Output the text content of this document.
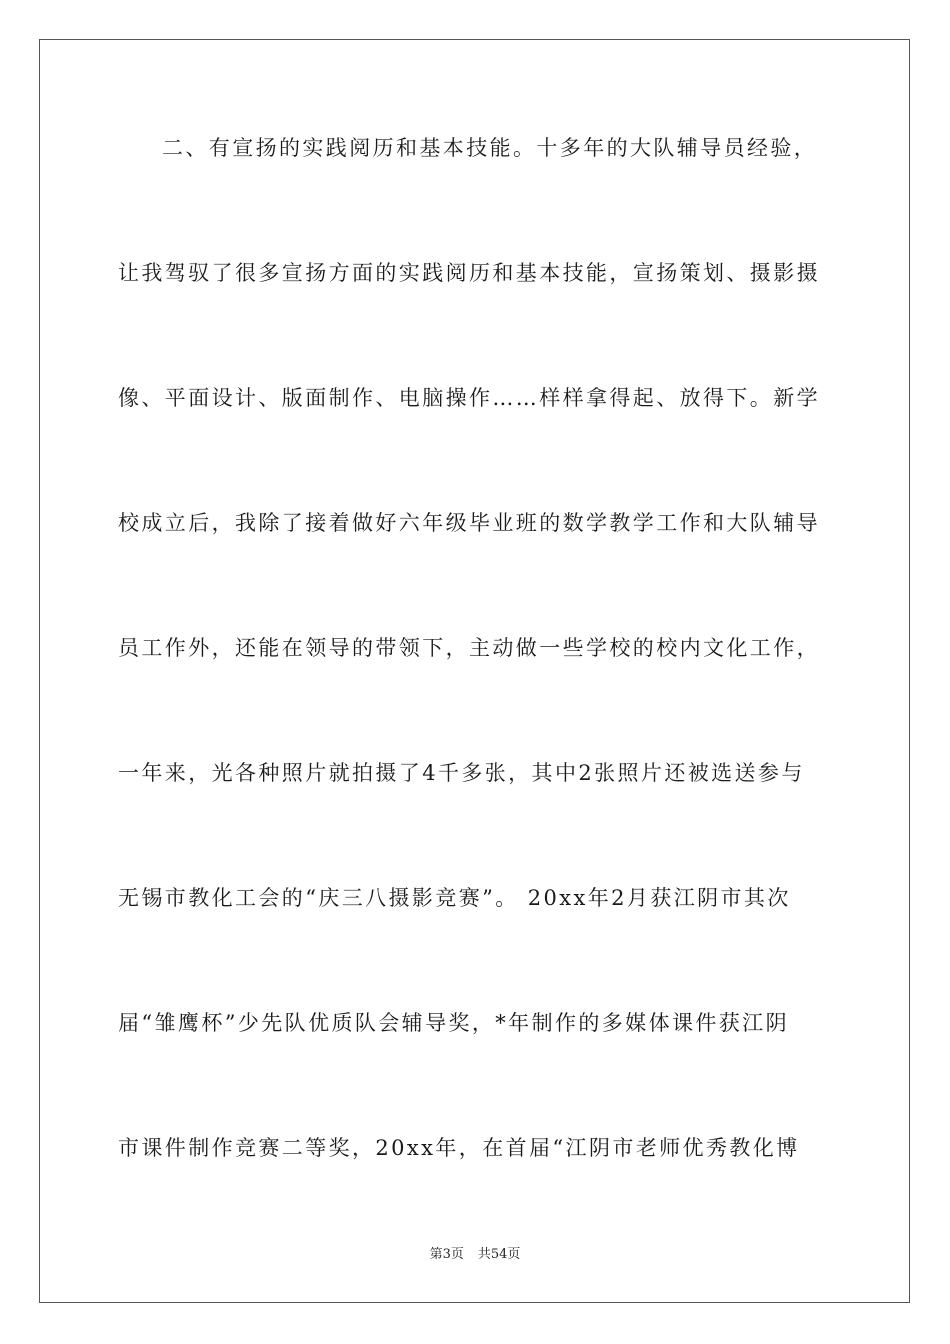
二、有宣扬的实践阅历和基本技能。十多年的大队辅导员经验，
让我驾驭了很多宣扬方面的实践阅历和基本技能，宣扬策划、摄影摄
像、平面设计、版面制作、电脑操作……样样拿得起、放得下。新学
校成立后，我除了接着做好六年级毕业班的数学教学工作和大队辅导
员工作外，还能在领导的带领下，主动做一些学校的校内文化工作，
一年来，光各种照片就拍摄了4千多张，其中2张照片还被选送参与
无锡市教化工会的“庆三八摄影竞赛”。 20xx年2月获江阴市其次
届“雏鹰杯”少先队优质队会辅导奖，*年制作的多媒体课件获江阴
市课件制作竞赛二等奖，20xx年，在首届“江阴市老师优秀教化博
第3页 共54页
